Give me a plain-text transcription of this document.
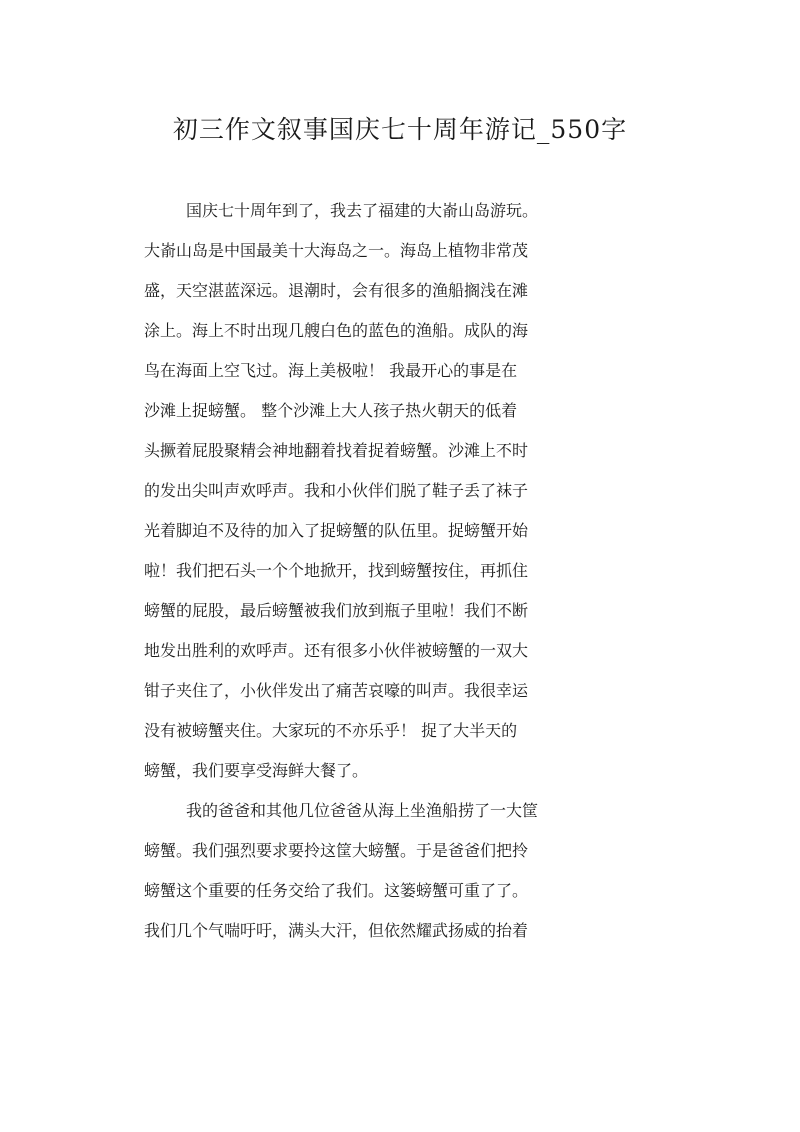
初三作文叙事国庆七十周年游记_550字
国庆七十周年到了，我去了福建的大嵛山岛游玩。
大嵛山岛是中国最美十大海岛之一。海岛上植物非常茂
盛，天空湛蓝深远。退潮时，会有很多的渔船搁浅在滩
涂上。海上不时出现几艘白色的蓝色的渔船。成队的海
鸟在海面上空飞过。海上美极啦！ 我最开心的事是在
沙滩上捉螃蟹。 整个沙滩上大人孩子热火朝天的低着
头撅着屁股聚精会神地翻着找着捉着螃蟹。沙滩上不时
的发出尖叫声欢呼声。我和小伙伴们脱了鞋子丢了袜子
光着脚迫不及待的加入了捉螃蟹的队伍里。捉螃蟹开始
啦！我们把石头一个个地掀开，找到螃蟹按住，再抓住
螃蟹的屁股，最后螃蟹被我们放到瓶子里啦！我们不断
地发出胜利的欢呼声。还有很多小伙伴被螃蟹的一双大
钳子夹住了，小伙伴发出了痛苦哀嚎的叫声。我很幸运
没有被螃蟹夹住。大家玩的不亦乐乎！ 捉了大半天的
螃蟹，我们要享受海鲜大餐了。
我的爸爸和其他几位爸爸从海上坐渔船捞了一大筐
螃蟹。我们强烈要求要拎这筐大螃蟹。于是爸爸们把拎
螃蟹这个重要的任务交给了我们。这篓螃蟹可重了了。
我们几个气喘吁吁，满头大汗，但依然耀武扬威的抬着
